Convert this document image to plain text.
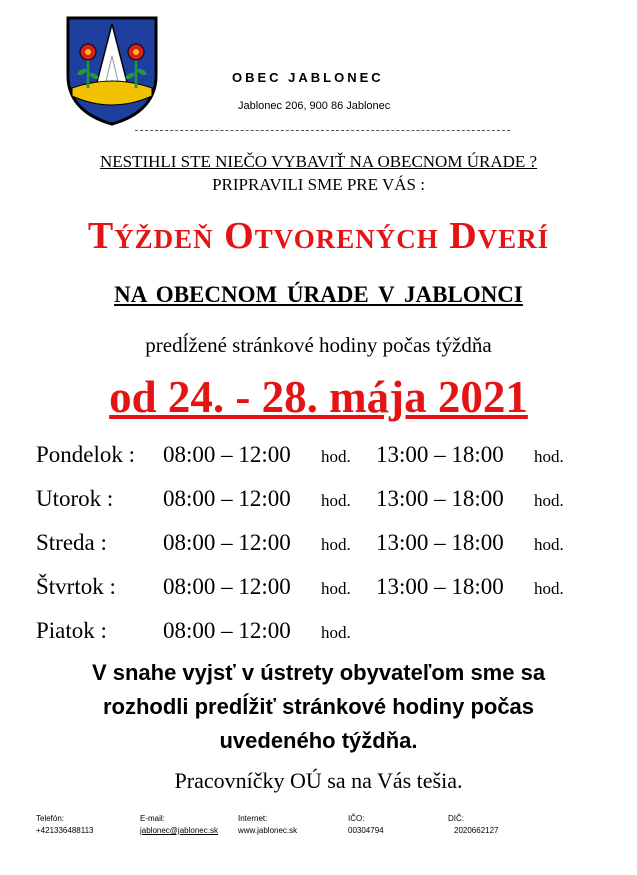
OBEC JABLONEC
Jablonec 206, 900 86 Jablonec
NESTIHLI STE NIEČO VYBAVIŤ NA OBECNOM ÚRADE ?
PRIPRAVILI SME PRE VÁS :
Týždeň Otvorených Dverí
NA OBECNOM ÚRADE V JABLONCI
predĺžené stránkové hodiny počas týždňa
od 24. - 28. mája 2021
Pondelok : 08:00 – 12:00 hod. 13:00 – 18:00 hod.
Utorok : 08:00 – 12:00 hod. 13:00 – 18:00 hod.
Streda : 08:00 – 12:00 hod. 13:00 – 18:00 hod.
Štvrtok : 08:00 – 12:00 hod. 13:00 – 18:00 hod.
Piatok : 08:00 – 12:00 hod.
V snahe vyjsť v ústrety obyvateľom sme sa
rozhodli predĺžiť stránkové hodiny počas
uvedeného týždňa.
Pracovníčky OÚ sa na Vás tešia.
Telefón:
+421336488113
E-mail:
jablonec@jablonec.sk
Internet:
www.jablonec.sk
IČO:
00304794
DIČ:
2020662127
